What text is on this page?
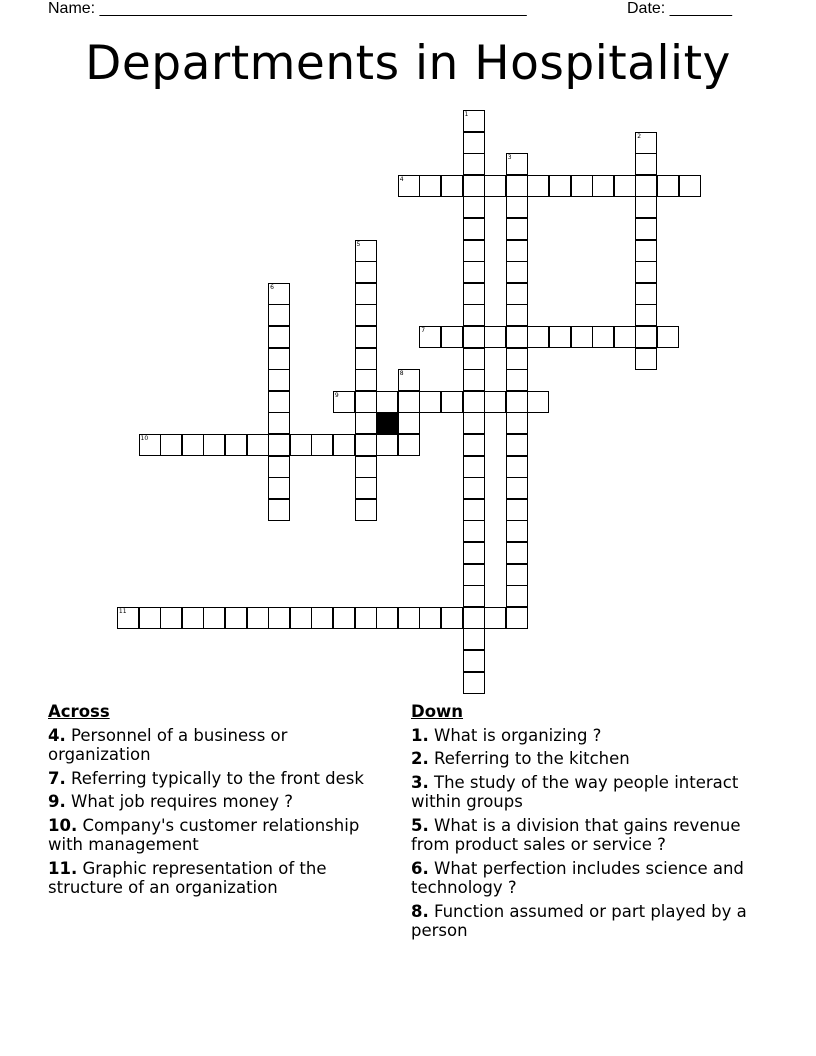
Name: ________________________________________________	Date: _______
Departments in Hospitality
1
2
3
4
5
6
7
8
9
10
11
Across
4. Personnel of a business or organization
7. Referring typically to the front desk
9. What job requires money ?
10. Company's customer relationship with management
11. Graphic representation of the structure of an organization
Down
1. What is organizing ?
2. Referring to the kitchen
3. The study of the way people interact within groups
5. What is a division that gains revenue from product sales or service ?
6. What perfection includes science and technology ?
8. Function assumed or part played by a person
